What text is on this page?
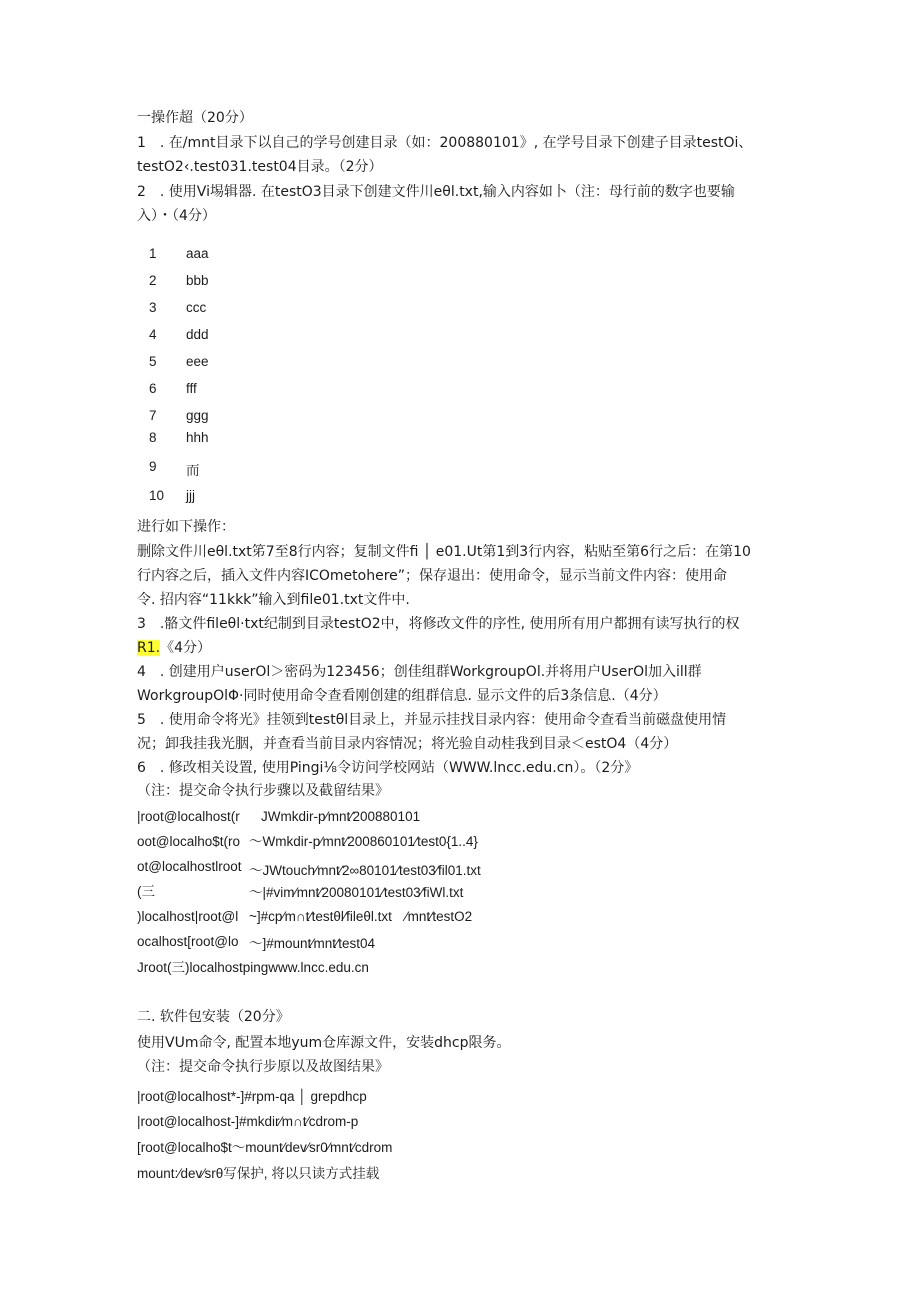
一操作超（20分）
1　. 在/mnt目录下以自己的学号创建目录（如：200880101》, 在学号目录下创建子目录testOi、
testO2‹.test031.test04目录。（2分）
2　. 使用Vi埸辑器. 在testO3目录下创建文件川eθl.txt,输入内容如卜（注：母行前的数字也要输
入）・（4分）
1 aaa
2 bbb
3 ccc
4 ddd
5 eee
6 fff
7 ggg
8 hhh
9 而
10 jjj
进行如下操作：
删除文件川eθl.txt笫7至8行内容；复制文件fi │ e01.Ut第1到3行内容，粘贴至第6行之后：在第10
行内容之后，插入文件内容ICOmetohere”；保存退出：使用命令，显示当前文件内容：使用命
令. 招内容“11kkk”输入到file01.txt文件中.
3　.骼文件fileθl·txt纪制到目录testO2中，将修改文件的序性, 使用所有用户都拥有读写执行的权
R1.《4分）
4　. 创建用户userOl＞密码为123456；创佳组群WorkgroupOl.并将用户UserOl加入ill群
WorkgroupOlΦ·同时使用命令查看刚创建的组群信息. 显示文件的后3条信息.（4分）
5　. 使用命令将光》挂领到testθl目录上，并显示挂找目录内容：使用命令查看当前磁盘使用情
况；卸我挂我光胭，并查看当前目录内容情况；将光验自动桂我到目录＜estO4（4分）
6　. 修改相关设置, 使用Pingi⅛令访问学校网站（WWW.lncc.edu.cn）。（2分》
（注：提交命令执行步骤以及截留结果》
|root@localhost(r JWmkdir-p⁄mnt⁄200880101
oot@localho$t(ro ～Wmkdir-p⁄mnt⁄200860101⁄test0{1..4}
ot@localhostlroot ～JWtouch⁄mnt⁄2∞80101⁄test03⁄fil01.txt
(三	～|#vim⁄mnt⁄20080101⁄test03⁄fiWl.txt
)localhost|root@l ~]#cp⁄m∩t⁄testθl⁄fileθl.txt　⁄mnt⁄testO2
ocalhost[root@lo ～]#mount⁄mnt⁄test04
Jroot(三)localhostpingwww.lncc.edu.cn
二. 软件包安装（20分》
使用VUm命令, 配置本地yum仓库源文件，安装dhcp限务。
（注：提交命令执行步原以及故图结果》
|root@localhost*-]#rpm-qa │ grepdhcp
|root@localhost-]#mkdir⁄m∩t⁄cdrom-p
[root@localho$t～mount⁄dev⁄sr0⁄mnt⁄cdrom
mount:⁄dev⁄srθ写保护, 将以只读方式挂载
